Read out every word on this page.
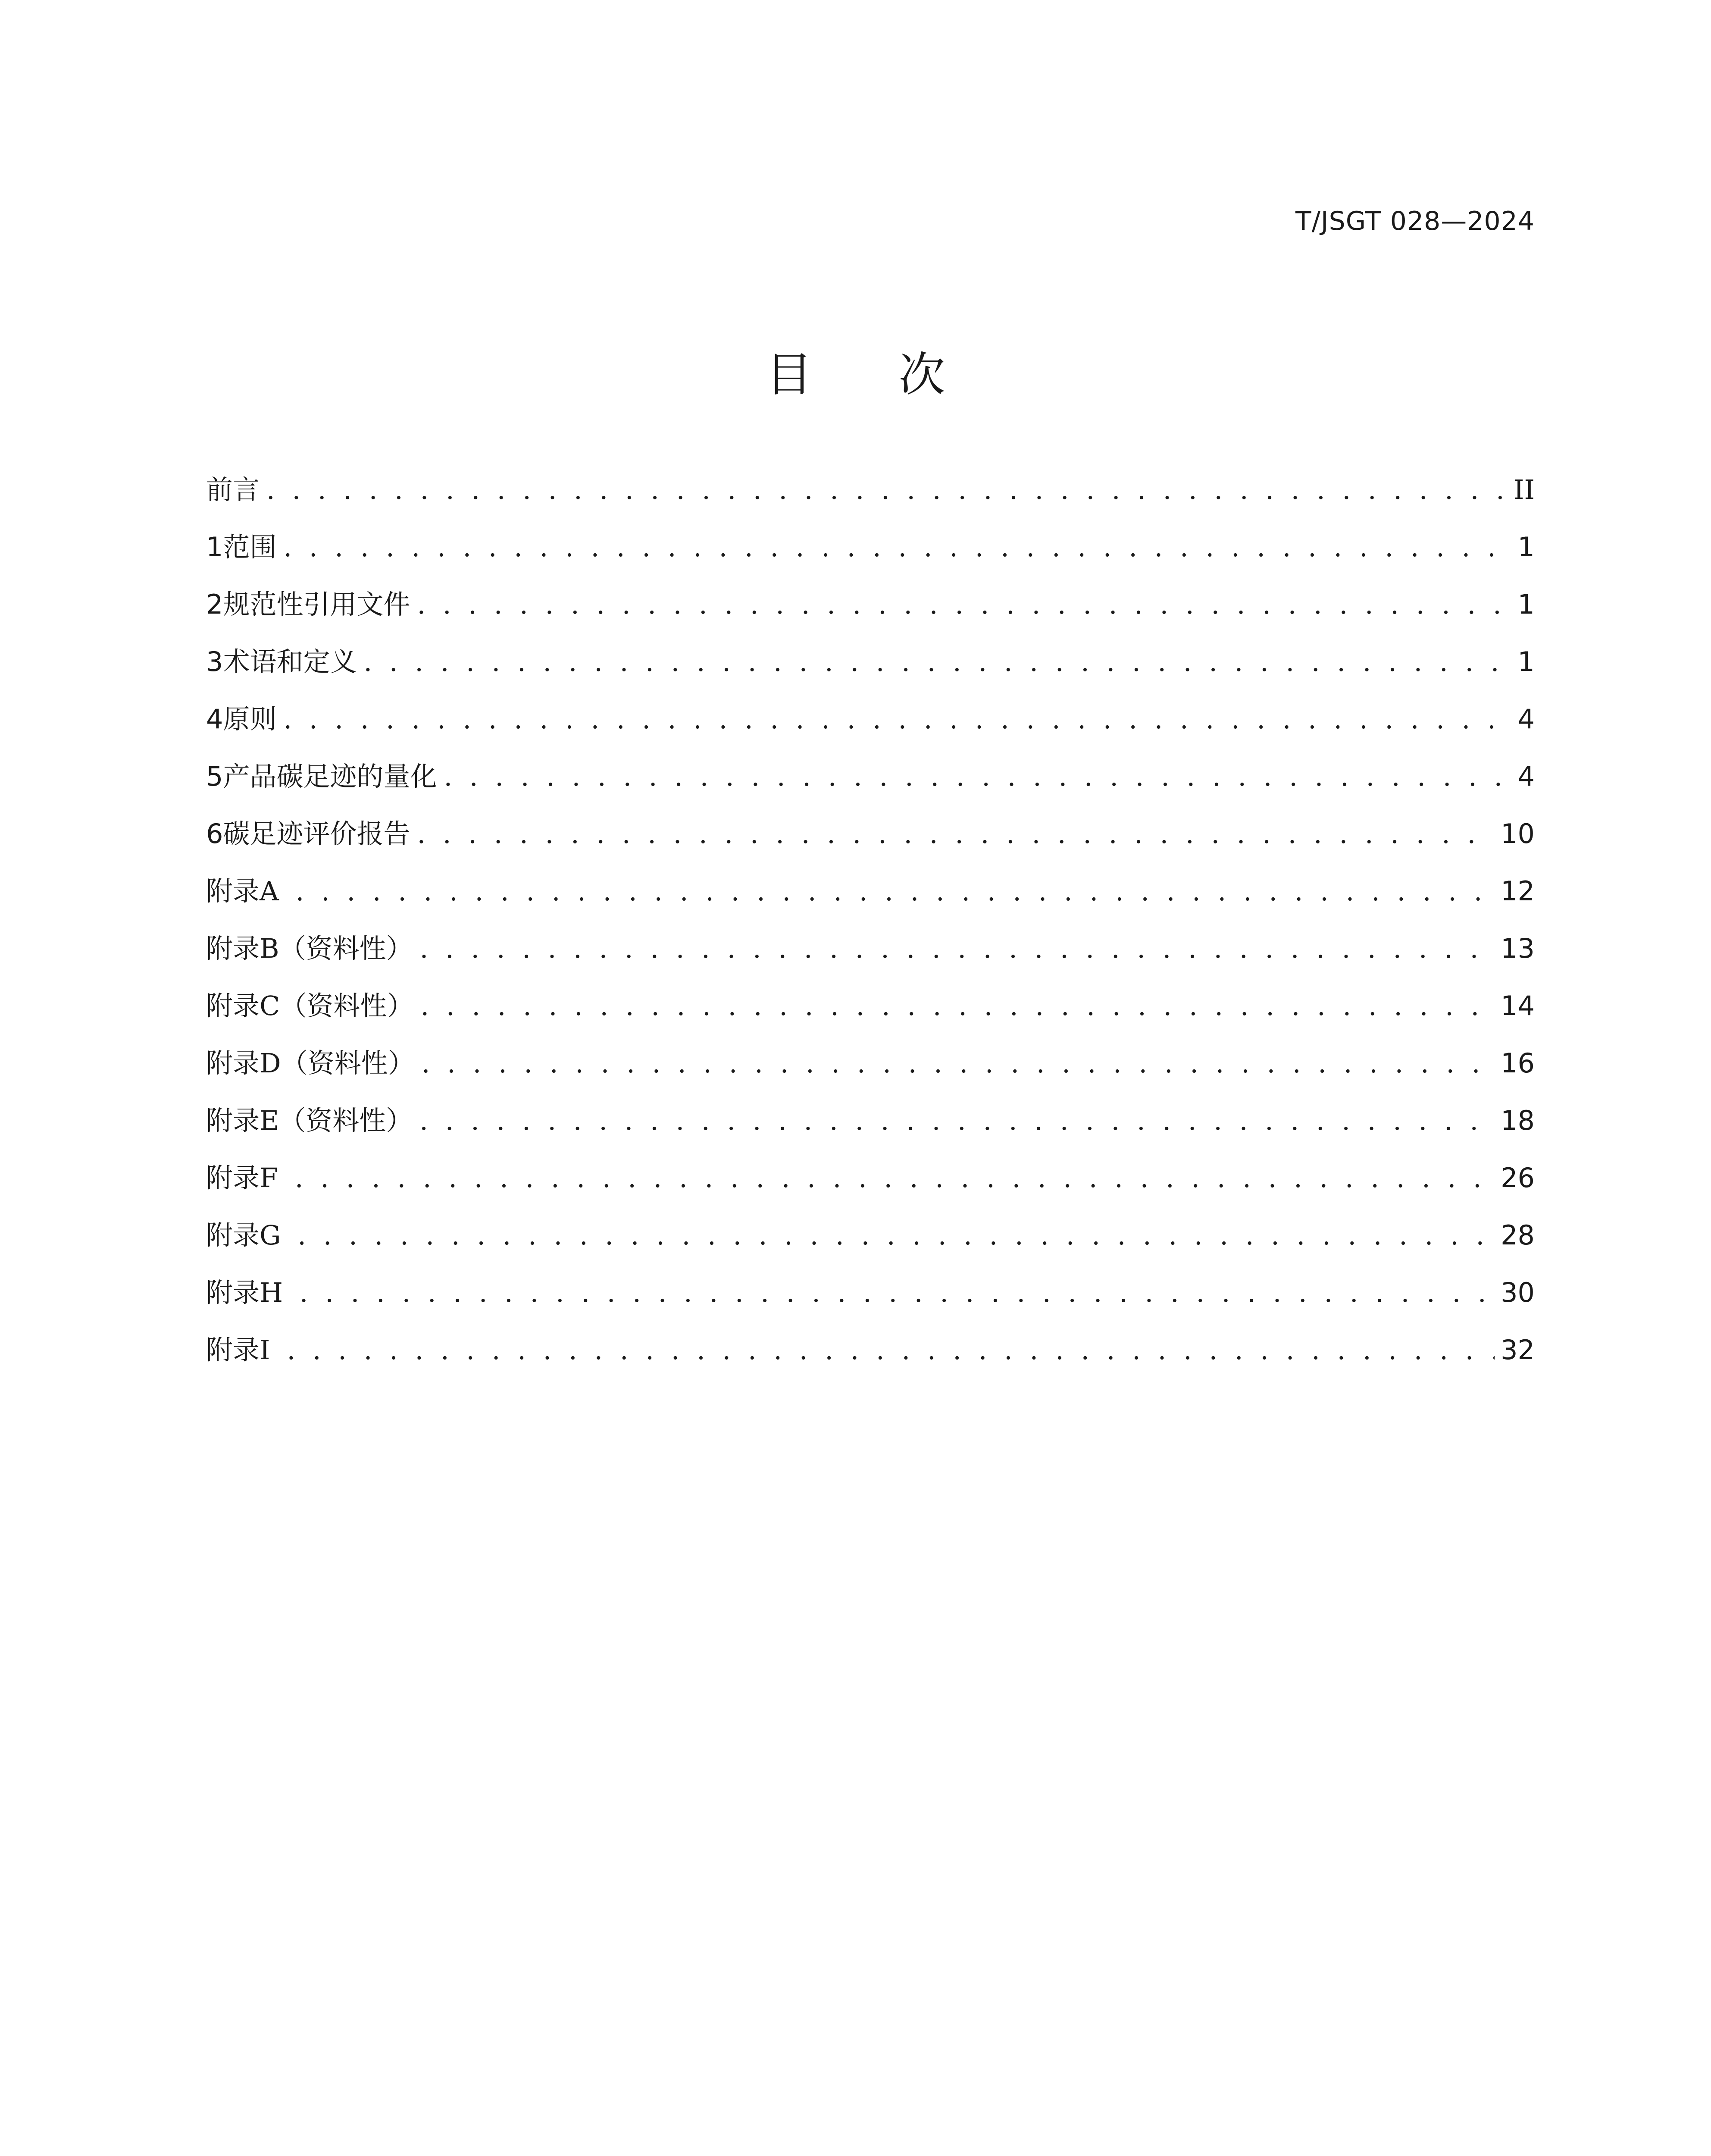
T/JSGT 028—2024
目 次
前 言 . . .	II
1 范围 . . .	1
2 规范性引用文件 . . .	1
3 术语和定义 . . .	1
4 原则 . . .	4
5 产品碳足迹的量化 . . .	4
6 碳足迹评价报告 . . .	10
附 录 A . . .	12
附 录 B （资料性） . . .	13
附 录 C （资料性） . . .	14
附 录 D （资料性） . . .	16
附 录 E （资料性） . . .	18
附 录 F . . .	26
附 录 G . . .	28
附 录 H . . .	30
附 录 I . . .	32
